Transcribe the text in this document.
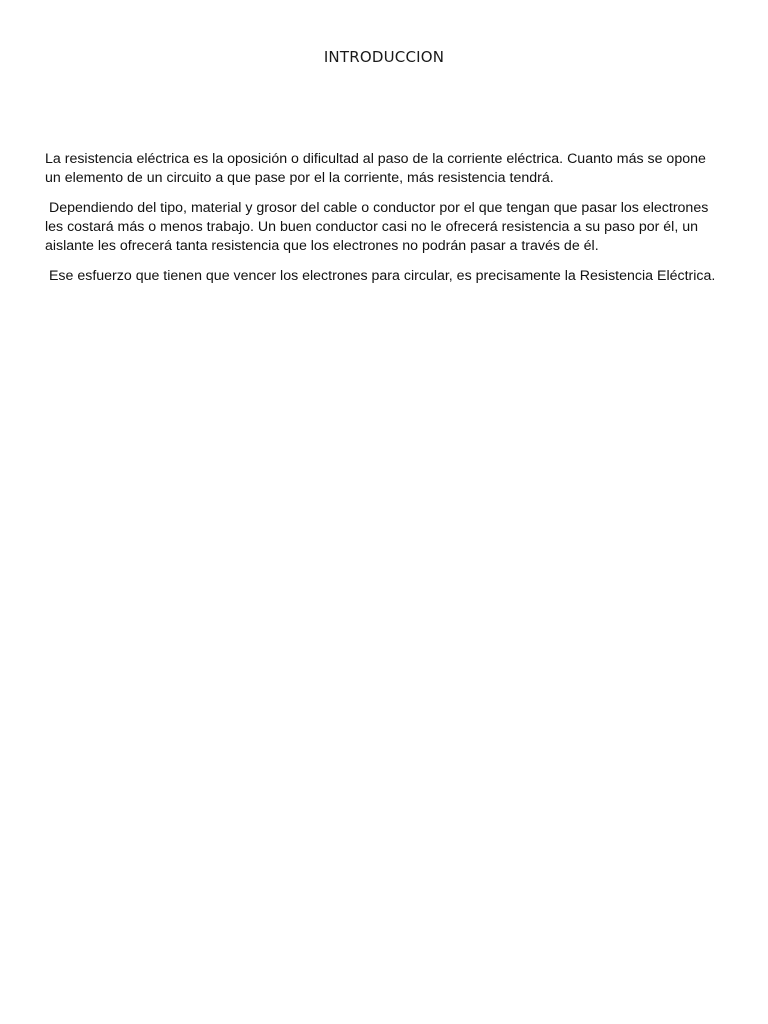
INTRODUCCION

La resistencia eléctrica es la oposición o dificultad al paso de la corriente eléctrica. Cuanto más se opone un elemento de un circuito a que pase por el la corriente, más resistencia tendrá.

Dependiendo del tipo, material y grosor del cable o conductor por el que tengan que pasar los electrones les costará más o menos trabajo. Un buen conductor casi no le ofrecerá resistencia a su paso por él, un aislante les ofrecerá tanta resistencia que los electrones no podrán pasar a través de él.

Ese esfuerzo que tienen que vencer los electrones para circular, es precisamente la Resistencia Eléctrica.
